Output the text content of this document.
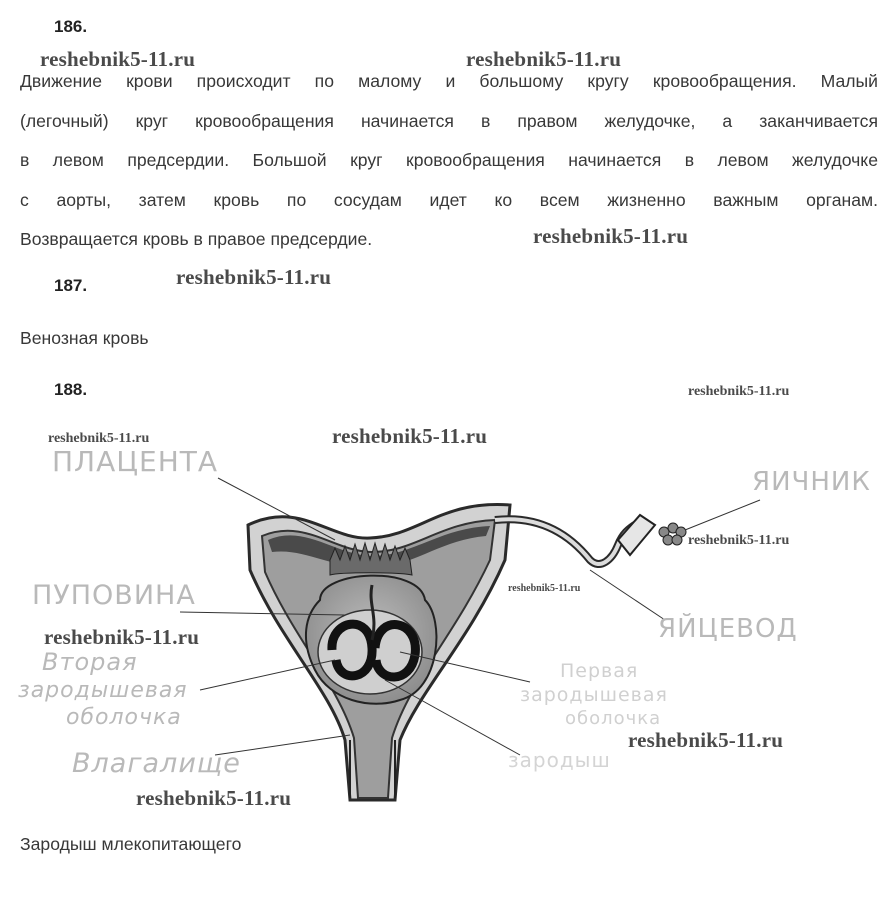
186.
Движение крови происходит по малому и большому кругу кровообращения. Малый
(легочный) круг кровообращения начинается в правом желудочке, а заканчивается
в левом предсердии. Большой круг кровообращения начинается в левом желудочке
с аорты, затем кровь по сосудам идет ко всем жизненно важным органам.
Возвращается кровь в правое предсердие.
187.
Венозная кровь
188.
ПЛАЦЕНТА
ЯИЧНИК
ПУПОВИНА
ЯЙЦЕВОД
Вторая
зародышевая
оболочка
Первая
зародышевая
оболочка
зародыш
Влагалище
Зародыш млекопитающего
reshebnik5-11.ru	reshebnik5-11.ru
reshebnik5-11.ru
reshebnik5-11.ru
reshebnik5-11.ru
reshebnik5-11.ru	reshebnik5-11.ru
reshebnik5-11.ru
reshebnik5-11.ru
reshebnik5-11.ru
reshebnik5-11.ru
reshebnik5-11.ru
